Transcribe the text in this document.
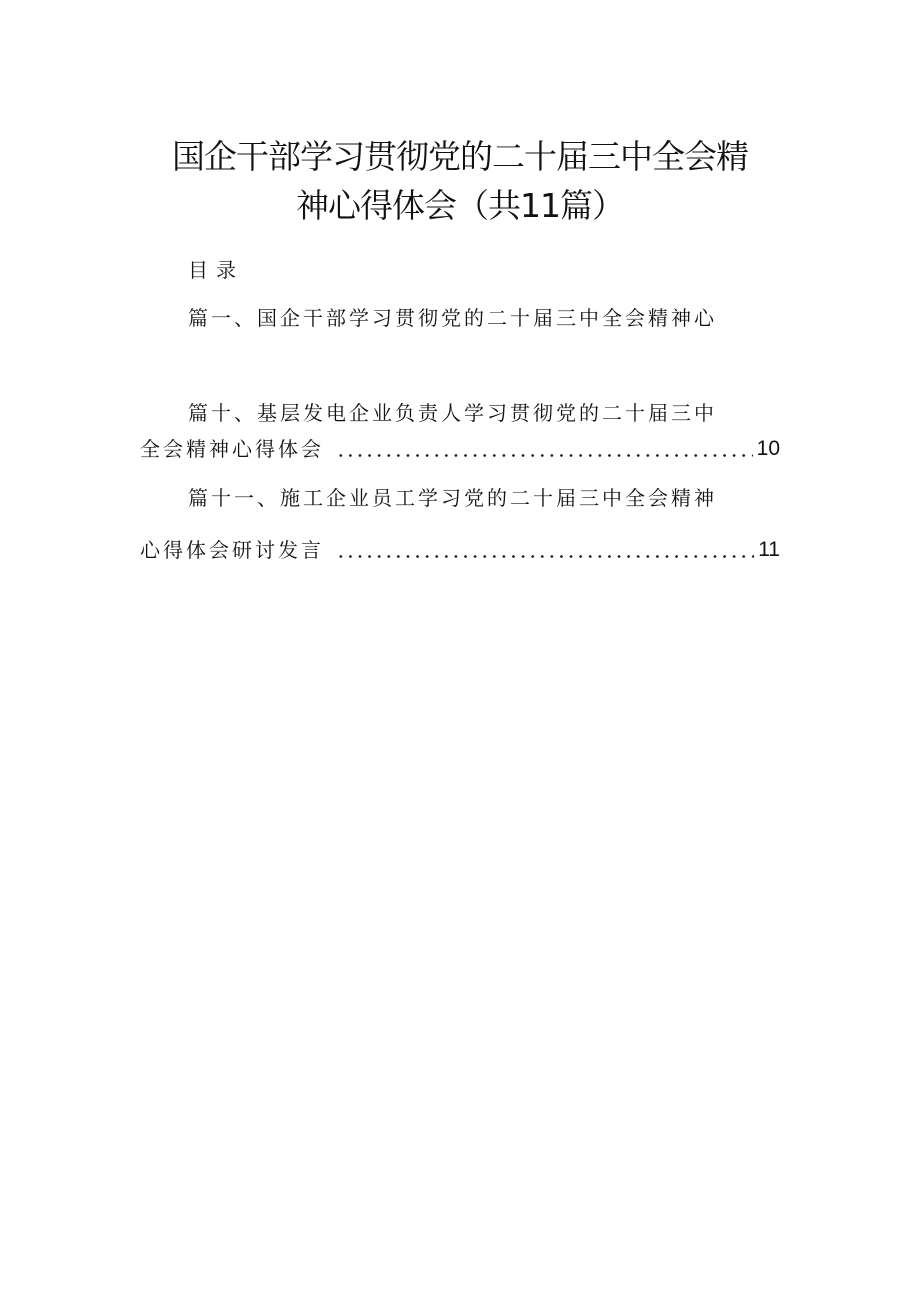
国企干部学习贯彻党的二十届三中全会精
神心得体会（共11篇）
目录
篇一、国企干部学习贯彻党的二十届三中全会精神心
篇十、基层发电企业负责人学习贯彻党的二十届三中
全会精神心得体会	10
篇十一、施工企业员工学习党的二十届三中全会精神
心得体会研讨发言	11
